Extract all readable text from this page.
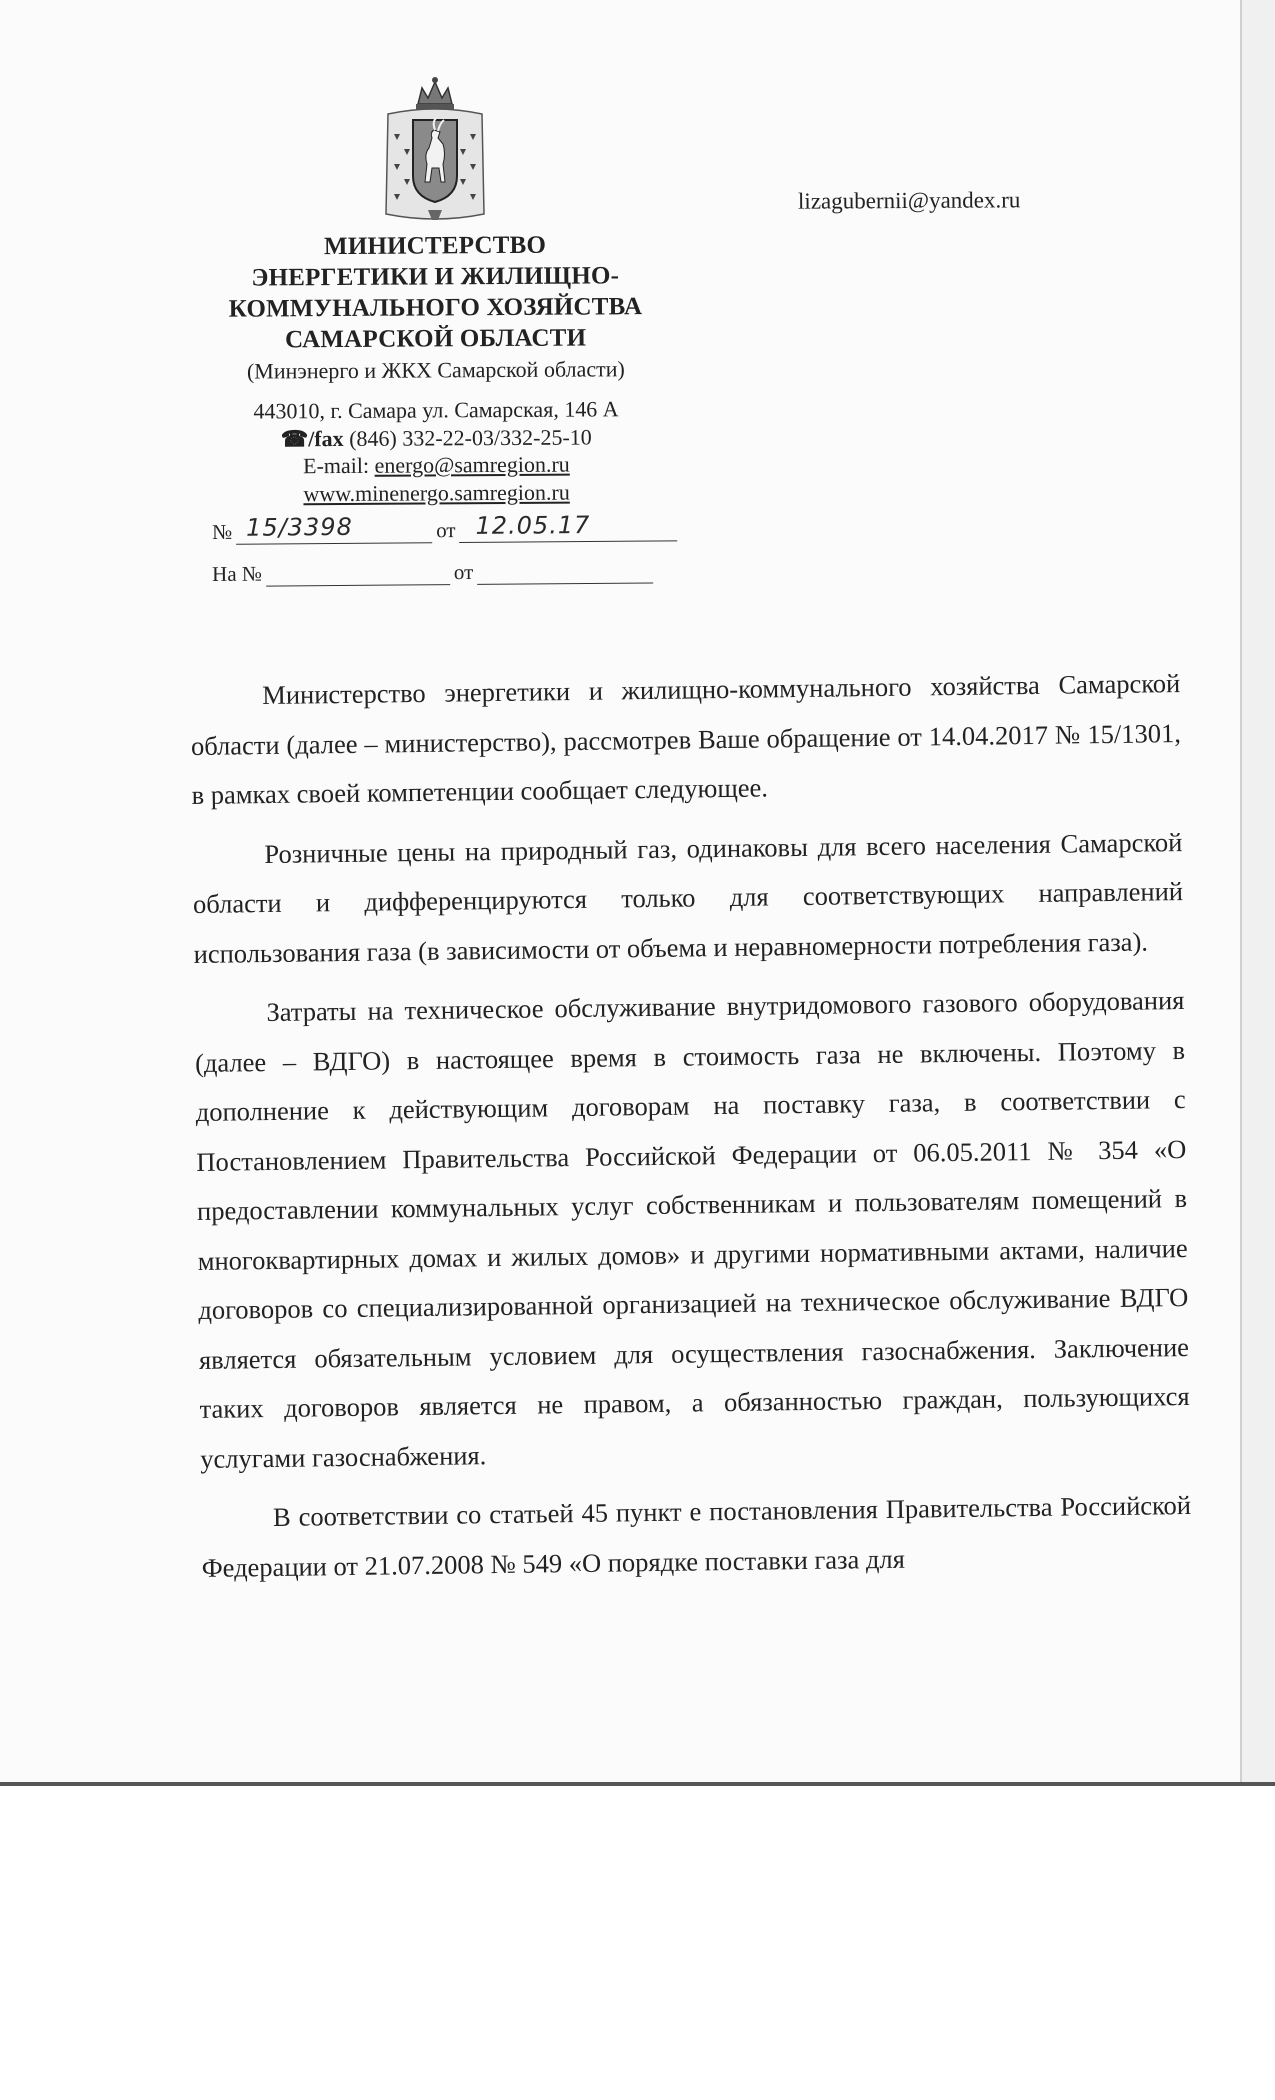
МИНИСТЕРСТВО
ЭНЕРГЕТИКИ И ЖИЛИЩНО-
КОММУНАЛЬНОГО ХОЗЯЙСТВА
САМАРСКОЙ ОБЛАСТИ
(Минэнерго и ЖКХ Самарской области)
443010, г. Самара ул. Самарская, 146 А
☎/fax (846) 332-22-03/332-25-10
E-mail: energo@samregion.ru
www.minenergo.samregion.ru
lizagubernii@yandex.ru
№ 15/3398	от 12.05.17
На №	от

Министерство энергетики и жилищно-коммунального хозяйства Самарской области (далее – министерство), рассмотрев Ваше обращение от 14.04.2017 № 15/1301, в рамках своей компетенции сообщает следующее.

Розничные цены на природный газ, одинаковы для всего населения Самарской области и дифференцируются только для соответствующих направлений использования газа (в зависимости от объема и неравномерности потребления газа).

Затраты на техническое обслуживание внутридомового газового оборудования (далее – ВДГО) в настоящее время в стоимость газа не включены. Поэтому в дополнение к действующим договорам на поставку газа, в соответствии с Постановлением Правительства Российской Федерации от 06.05.2011 № 354 «О предоставлении коммунальных услуг собственникам и пользователям помещений в многоквартирных домах и жилых домов» и другими нормативными актами, наличие договоров со специализированной организацией на техническое обслуживание ВДГО является обязательным условием для осуществления газоснабжения. Заключение таких договоров является не правом, а обязанностью граждан, пользующихся услугами газоснабжения.

В соответствии со статьей 45 пункт е постановления Правительства Российской Федерации от 21.07.2008 № 549 «О порядке поставки газа для
